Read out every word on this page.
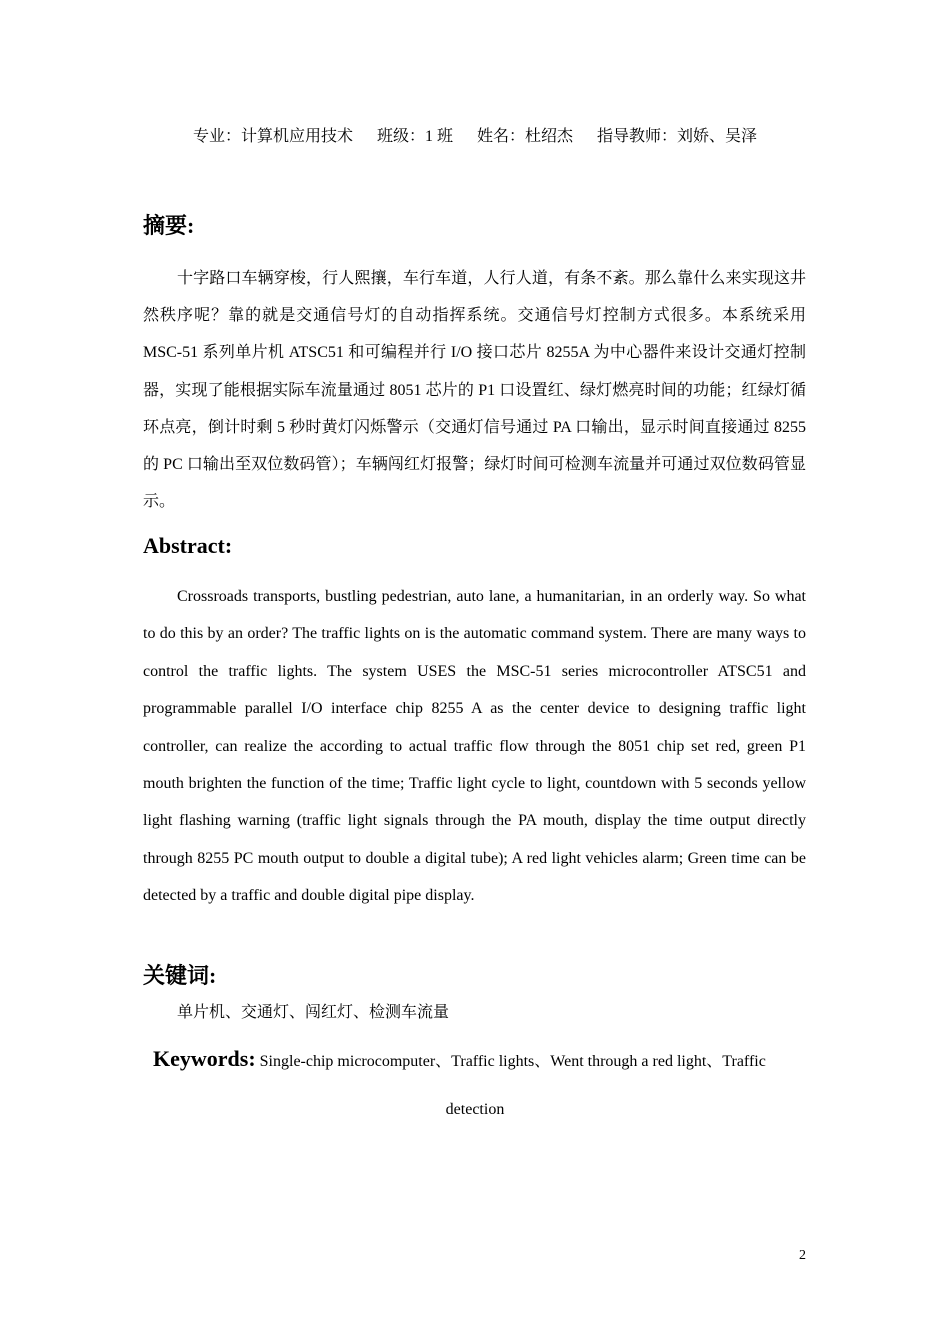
专业：计算机应用技术 班级：1 班 姓名：杜绍杰 指导教师：刘娇、吴泽
摘要:
十字路口车辆穿梭，行人熙攘，车行车道，人行人道，有条不紊。那么靠什么来实现这井然秩序呢？靠的就是交通信号灯的自动指挥系统。交通信号灯控制方式很多。本系统采用 MSC-51 系列单片机 ATSC51 和可编程并行 I/O 接口芯片 8255A 为中心器件来设计交通灯控制器，实现了能根据实际车流量通过 8051 芯片的 P1 口设置红、绿灯燃亮时间的功能；红绿灯循环点亮，倒计时剩 5 秒时黄灯闪烁警示（交通灯信号通过 PA 口输出，显示时间直接通过 8255 的 PC 口输出至双位数码管）；车辆闯红灯报警；绿灯时间可检测车流量并可通过双位数码管显示。
Abstract:
Crossroads transports, bustling pedestrian, auto lane, a humanitarian, in an orderly way. So what to do this by an order? The traffic lights on is the automatic command system. There are many ways to control the traffic lights. The system USES the MSC-51 series microcontroller ATSC51 and programmable parallel I/O interface chip 8255 A as the center device to designing traffic light controller, can realize the according to actual traffic flow through the 8051 chip set red, green P1 mouth brighten the function of the time; Traffic light cycle to light, countdown with 5 seconds yellow light flashing warning (traffic light signals through the PA mouth, display the time output directly through 8255 PC mouth output to double a digital tube); A red light vehicles alarm; Green time can be detected by a traffic and double digital pipe display.
关键词:
单片机、交通灯、闯红灯、检测车流量
Keywords: Single-chip microcomputer、Traffic lights、Went through a red light、Traffic
detection
2
